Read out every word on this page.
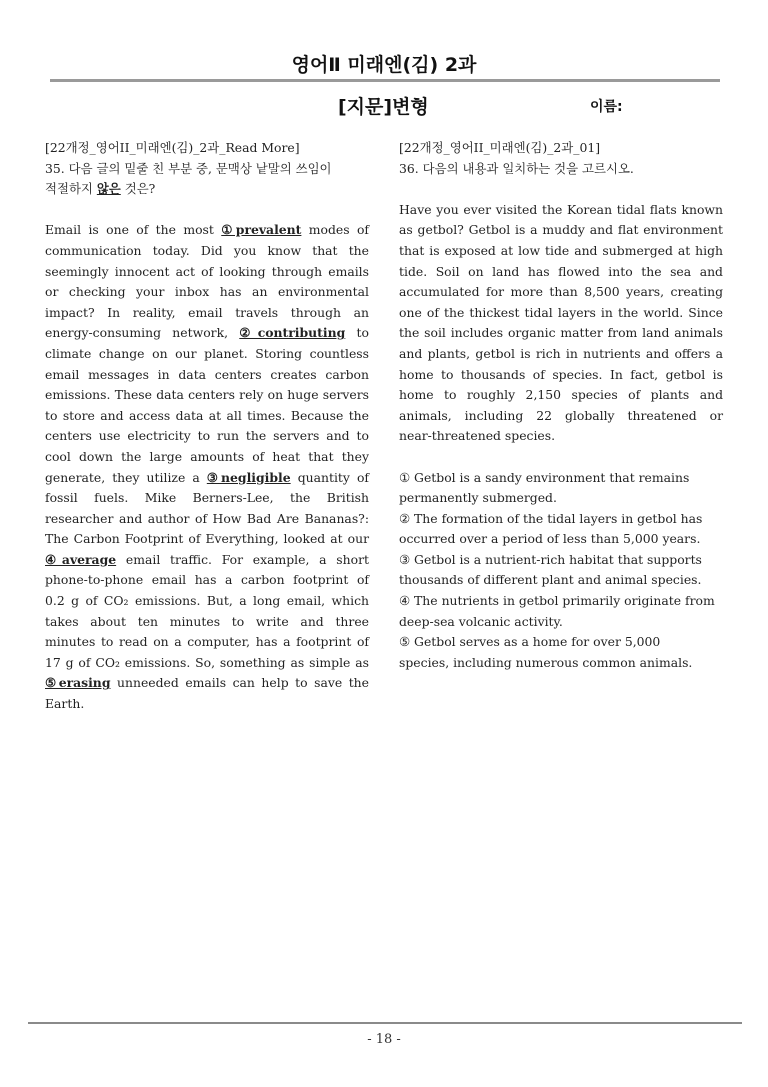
영어Ⅱ 미래엔(김) 2과
[지문]변형	이름:
[22개정_영어II_미래엔(김)_2과_Read More]
35. 다음 글의 밑줄 친 부분 중, 문맥상 낱말의 쓰임이
적절하지 않은 것은?
Email is one of the most ①prevalent modes of
communication today. Did you know that the
seemingly innocent act of looking through emails
or checking your inbox has an environmental
impact? In reality, email travels through an
energy-consuming network, ②contributing to
climate change on our planet. Storing countless
email messages in data centers creates carbon
emissions. These data centers rely on huge servers
to store and access data at all times. Because the
centers use electricity to run the servers and to
cool down the large amounts of heat that they
generate, they utilize a ③negligible quantity of
fossil fuels. Mike Berners-Lee, the British
researcher and author of How Bad Are Bananas?:
The Carbon Footprint of Everything, looked at our
④average email traffic. For example, a short
phone-to-phone email has a carbon footprint of
0.2 g of CO₂ emissions. But, a long email, which
takes about ten minutes to write and three
minutes to read on a computer, has a footprint of
17 g of CO₂ emissions. So, something as simple as
⑤erasing unneeded emails can help to save the
Earth.
[22개정_영어II_미래엔(김)_2과_01]
36. 다음의 내용과 일치하는 것을 고르시오.
Have you ever visited the Korean tidal flats known
as getbol? Getbol is a muddy and flat environment
that is exposed at low tide and submerged at high
tide. Soil on land has flowed into the sea and
accumulated for more than 8,500 years, creating
one of the thickest tidal layers in the world. Since
the soil includes organic matter from land animals
and plants, getbol is rich in nutrients and offers a
home to thousands of species. In fact, getbol is
home to roughly 2,150 species of plants and
animals, including 22 globally threatened or
near-threatened species.
① Getbol is a sandy environment that remains
permanently submerged.
② The formation of the tidal layers in getbol has
occurred over a period of less than 5,000 years.
③ Getbol is a nutrient-rich habitat that supports
thousands of different plant and animal species.
④ The nutrients in getbol primarily originate from
deep-sea volcanic activity.
⑤ Getbol serves as a home for over 5,000
species, including numerous common animals.
- 18 -
